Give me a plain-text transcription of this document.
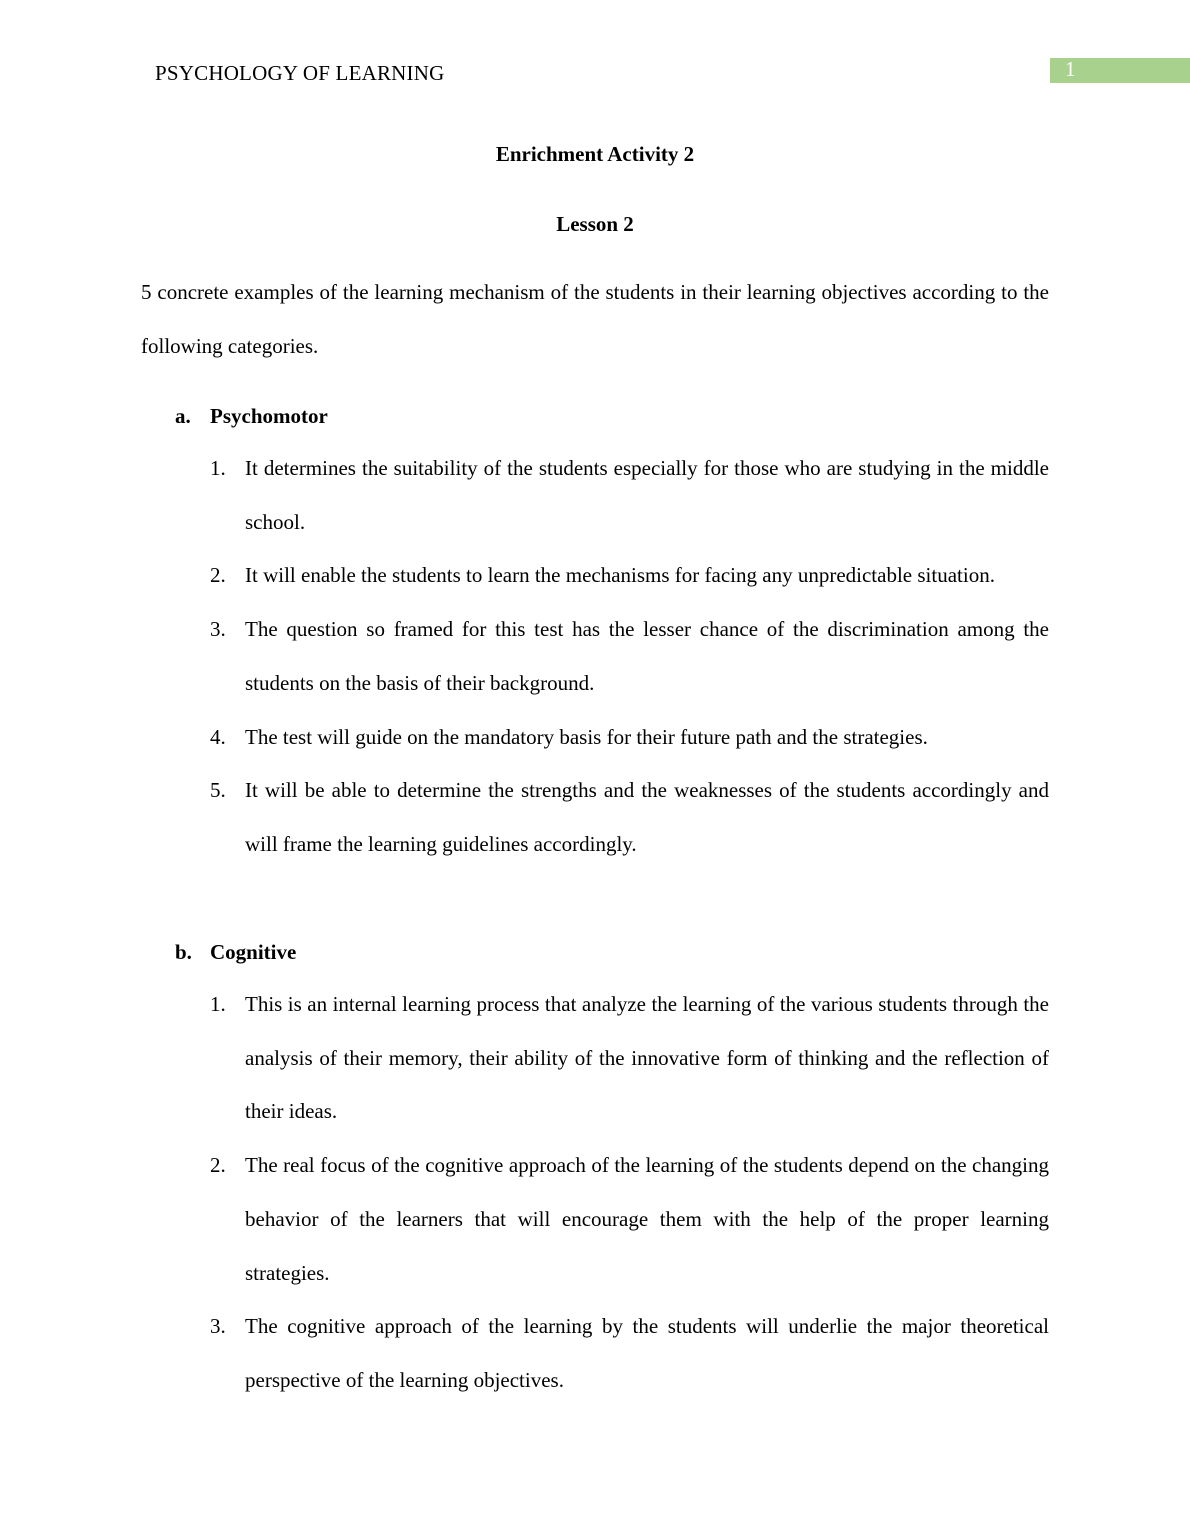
PSYCHOLOGY OF LEARNING	1
Enrichment Activity 2
Lesson 2

5 concrete examples of the learning mechanism of the students in their learning objectives according to the following categories.

a. Psychomotor
1. It determines the suitability of the students especially for those who are studying in the middle school.
2. It will enable the students to learn the mechanisms for facing any unpredictable situation.
3. The question so framed for this test has the lesser chance of the discrimination among the students on the basis of their background.
4. The test will guide on the mandatory basis for their future path and the strategies.
5. It will be able to determine the strengths and the weaknesses of the students accordingly and will frame the learning guidelines accordingly.
b. Cognitive
1. This is an internal learning process that analyze the learning of the various students through the analysis of their memory, their ability of the innovative form of thinking and the reflection of their ideas.
2. The real focus of the cognitive approach of the learning of the students depend on the changing behavior of the learners that will encourage them with the help of the proper learning strategies.
3. The cognitive approach of the learning by the students will underlie the major theoretical perspective of the learning objectives.
